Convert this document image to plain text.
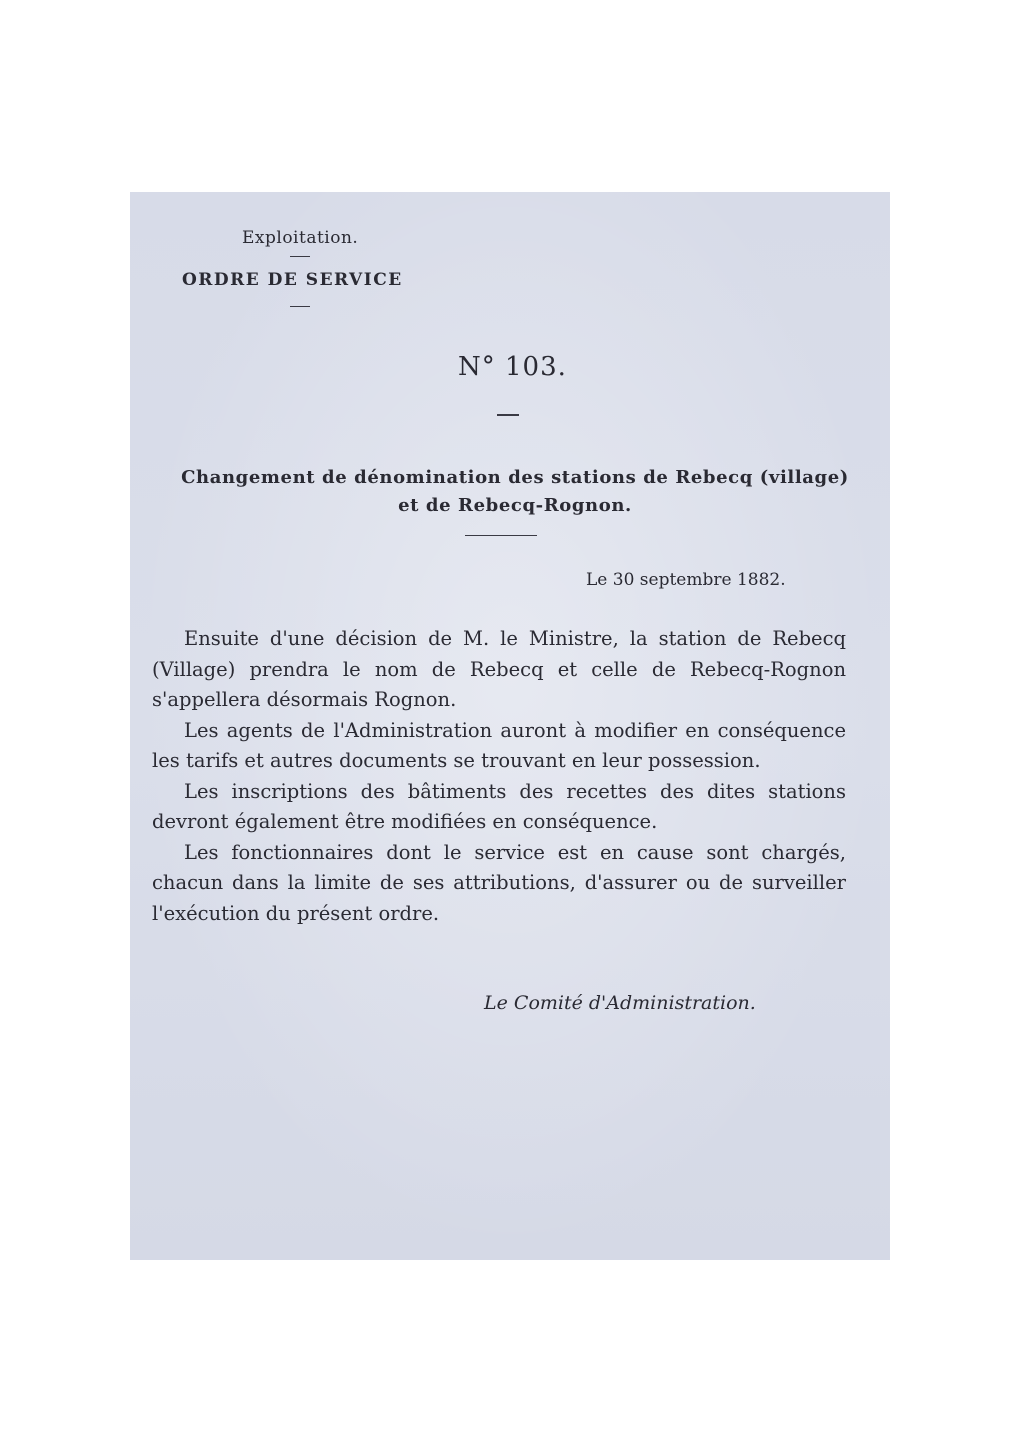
Exploitation.
ORDRE DE SERVICE
N° 103.
Changement de dénomination des stations de Rebecq (village) et de Rebecq-Rognon.
Le 30 septembre 1882.

Ensuite d'une décision de M. le Ministre, la station de Rebecq (Village) prendra le nom de Rebecq et celle de Rebecq-Rognon s'appellera désormais Rognon.

Les agents de l'Administration auront à modifier en conséquence les tarifs et autres documents se trouvant en leur possession.

Les inscriptions des bâtiments des recettes des dites stations devront également être modifiées en conséquence.

Les fonctionnaires dont le service est en cause sont chargés, chacun dans la limite de ses attributions, d'assurer ou de surveiller l'exécution du présent ordre.

Le Comité d'Administration.
